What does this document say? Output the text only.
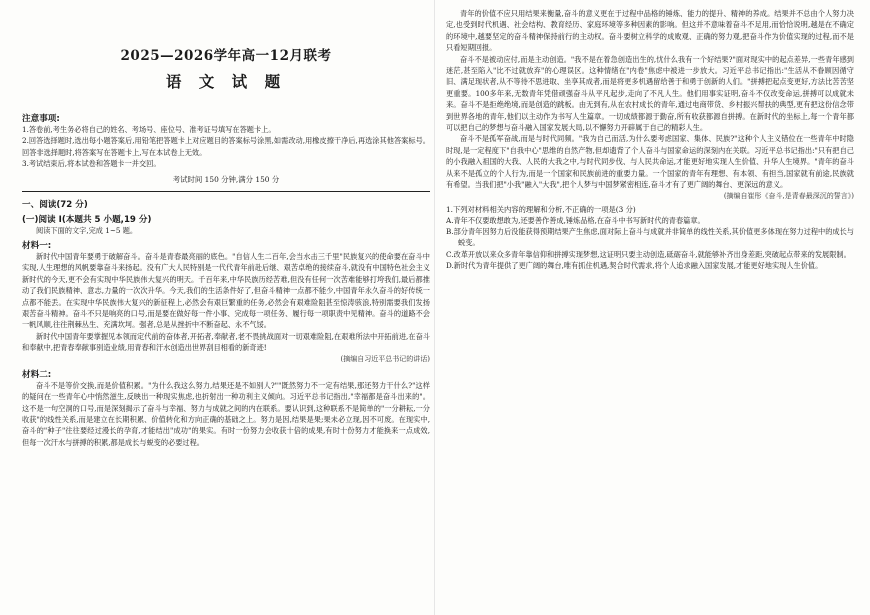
2025—2026学年高一12月联考
语 文 试 题
注意事项:

1.答卷前,考生务必将自己的姓名、考场号、座位号、准考证号填写在答题卡上。

2.回答选择题时,选出每小题答案后,用铅笔把答题卡上对应题目的答案标号涂黑,如需改动,用橡皮擦干净后,再选涂其他答案标号。回答非选择题时,将答案写在答题卡上,写在本试卷上无效。

3.考试结束后,将本试卷和答题卡一并交回。

考试时间 150 分钟,满分 150 分
一、阅读(72 分)
(一)阅读 I(本题共 5 小题,19 分)

阅读下面的文字,完成 1~5 题。

材料一:

新时代中国青年要勇于破解奋斗。奋斗是青春最亮丽的底色。"自信人生二百年,会当水击三千里"民族复兴的使命要在奋斗中实现,人生理想的风帆要靠奋斗来扬起。没有广大人民特别是一代代青年前赴后继、艰苦卓绝的接续奋斗,就没有中国特色社会主义新时代的今天,更不会有实现中华民族伟大复兴的明天。千百年来,中华民族历经苦难,但没有任何一次苦难能够打垮我们,最后都推动了我们民族精神、意志,力量的一次次升华。今天,我们的生活条件好了,但奋斗精神一点都不能少,中国青年永久奋斗的好传统一点都不能丢。在实现中华民族伟大复兴的新征程上,必然会有艰巨繁重的任务,必然会有艰难险阻甚至惊涛骇浪,特别需要我们发扬艰苦奋斗精神。奋斗不只是响亮的口号,而是要在做好每一件小事、完成每一项任务、履行每一项职责中见精神。奋斗的道路不会一帆风顺,往往荆棘丛生、充满坎坷。强者,总是从挫折中不断奋起、永不气馁。

新时代中国青年要掌握见本领而定代前的奋体者,开拓者,奉献者,老不畏挑战面对一切艰难险阻,在艰难所法中开拓前进,在奋斗和奉献中,把青春奉献事别造业绩,用青春和汗水创造出世界刮目相看的新奇迹!

(摘编自习近平总书记的讲话)
材料二:

奋斗不是等价交换,而是价值积累。"为什么我这么努力,结果还是不如别人?""既然努力不一定有结果,那还努力干什么?"这样的疑问在一些青年心中悄然滋生,反映出一种现实焦虑,也折射出一种功利主义倾向。习近平总书记指出,"幸福都是奋斗出来的"。这不是一句空洞的口号,而是深刻揭示了奋斗与幸福、努力与成就之间的内在联系。要认识到,这种联系不是简单的"一分耕耘,一分收获"的线性关系,而是建立在长期积累、价值转化和方向正确的基础之上。努力是因,结果是果;果未必立现,因不可废。在现实中,奋斗的"种子"往往要经过漫长的孕育,才能结出"成功"的果实。有时一份努力会收获十倍的成果,有时十份努力才能换来一点成效,但每一次汗水与拼搏的积累,都是成长与蜕变的必要过程。

青年的价值不应只用结果来衡量,奋斗的意义更在于过程中品格的锤炼、能力的提升、精神的养成。结果并不总由个人努力决定,也受到时代机遇、社会结构、教育经历、家庭环境等多种因素的影响。但这并不意味着奋斗不足用,而恰恰说明,越是在不确定的环境中,越要坚定的奋斗精神保持前行的主动权。奋斗要树立科学的成败观、正确的努力观,把奋斗作为价值实现的过程,而不是只看短期回报。

奋斗不是被动应付,而是主动创造。"我不是在着急创造出生的,忧什么我有一个好结果?"面对现实中的起点差异,一些青年感到迷茫,甚至陷入"比不过就放弃"的心理误区。这种情绪在"内卷"焦虑中被进一步放大。习近平总书记指出:"生活从不眷顾因循守旧、满足现状者,从不等待不思进取、坐享其成者,而是将更多机遇留给善于和勇于创新的人们。"拼搏把起点变更好,方法比苦苦坚更重要。100多年来,无数青年凭借顽强奋斗从平凡起步,走向了不凡人生。他们用事实证明,奋斗不仅改变命运,拼搏可以成就未来。奋斗不是拒绝绝境,而是创造的跳板。由无到有,从在农村成长的青年,通过电商带货、乡村振兴帮扶的典型,更有把这份信念带到世界各地的青年,他们以主动作为书写人生篇章。一切成绩都源于勤奋,所有收获都源自拼搏。在新时代的坐标上,每一个青年都可以把自己的梦想与奋斗融入国家发展大局,以不懈努力开辟属于自己的精彩人生。

奋斗不是孤军奋战,而是与时代同频。"我为自己而活,为什么要考虑国家、集体、民族?"这种个人主义错位在一些青年中时隐时现,是一定程度下"自我中心"思维的自然产物,但却遗背了个人奋斗与国家命运的深刻内在关联。习近平总书记指出:"只有把自己的小我融入祖国的大我、人民的大我之中,与时代同步伐、与人民共命运,才能更好地实现人生价值、升华人生境界。"青年的奋斗从来不是孤立的个人行为,而是一个国家和民族前进的重要力量。一个国家的青年有理想、有本领、有担当,国家就有前途,民族就有希望。当我们把"小我"融入"大我",把个人梦与中国梦紧密相连,奋斗才有了更广阔的舞台、更深远的意义。

(摘编自崔彤《奋斗,是青春最深沉的誓言》)
1.下列对材料相关内容的理解和分析,不正确的一项是(3 分)
A.青年不仅要敢想敢为,还要善作善成,锤炼品格,在奋斗中书写新时代的青春篇章。
B.部分青年因努力后没能获得预期结果产生焦虑,面对际上奋斗与成就并非简单的线性关系,其价值更多体现在努力过程中的成长与蜕变。
C.改革开放以来众多青年靠信仰和拼搏实现梦想,这证明只要主动创造,砥砺奋斗,就能够补齐出身差距,突破起点带来的发展限制。
D.新时代为青年提供了更广阔的舞台,唯有抓住机遇,契合时代需求,将个人追求融入国家发展,才能更好地实现人生价值。
